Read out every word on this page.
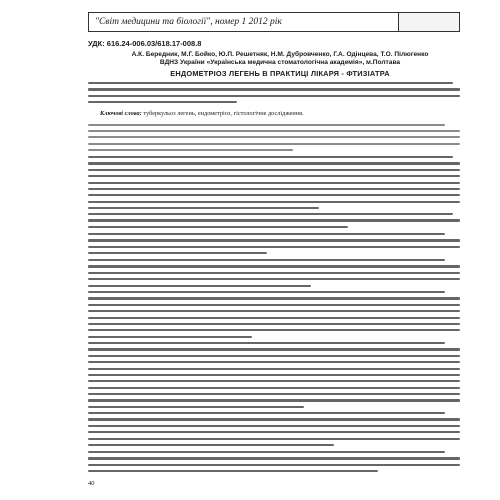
"Світ медицини та біології", номер 1 2012 рік
УДК: 616.24-006.03/618.17-008.8
А.К. Бередник, М.Г. Бойко, Ю.П. Решетняк, Н.М. Дубровченко, Г.А. Одінцева, Т.О. Пілюгенко
ВДНЗ України «Українська медична стоматологічна академія», м.Полтава
ЕНДОМЕТРІОЗ ЛЕГЕНЬ В ПРАКТИЦІ ЛІКАРЯ - ФТИЗІАТРА
Ключові слова: туберкульоз легень, ендометріоз, гістологічне дослідження.
40
